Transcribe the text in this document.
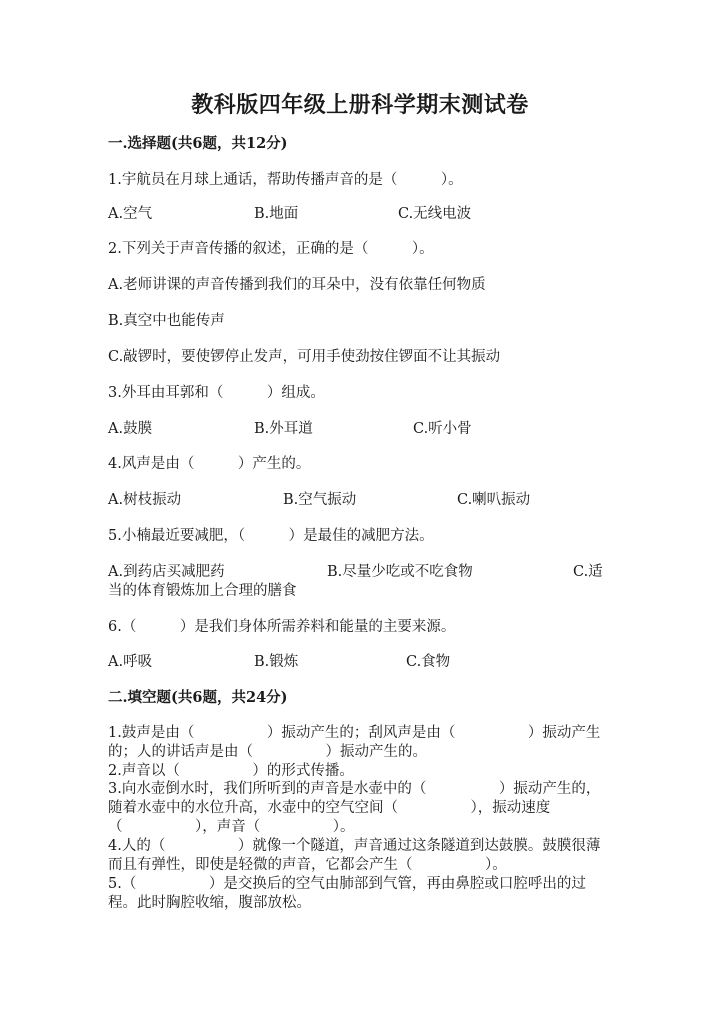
教科版四年级上册科学期末测试卷
一.选择题(共6题，共12分)
1.宇航员在月球上通话，帮助传播声音的是（　　　）。
A.空气	B.地面	C.无线电波
2.下列关于声音传播的叙述，正确的是（　　　）。
A.老师讲课的声音传播到我们的耳朵中，没有依靠任何物质
B.真空中也能传声
C.敲锣时，要使锣停止发声，可用手使劲按住锣面不让其振动
3.外耳由耳郭和（　　　）组成。
A.鼓膜	B.外耳道	C.听小骨
4.风声是由（　　　）产生的。
A.树枝振动	B.空气振动	C.喇叭振动
5.小楠最近要减肥，（　　　）是最佳的减肥方法。
A.到药店买减肥药	B.尽量少吃或不吃食物	C.适
当的体育锻炼加上合理的膳食
6.（　　　）是我们身体所需养料和能量的主要来源。
A.呼吸	B.锻炼	C.食物
二.填空题(共6题，共24分)
1.鼓声是由（　　　　　）振动产生的；刮风声是由（　　　　　）振动产生的；人的讲话声是由（　　　　　）振动产生的。
2.声音以（　　　　　）的形式传播。
3.向水壶倒水时，我们所听到的声音是水壶中的（　　　　　）振动产生的，随着水壶中的水位升高，水壶中的空气空间（　　　　　），振动速度（　　　　　），声音（　　　　　）。
4.人的（　　　　　）就像一个隧道，声音通过这条隧道到达鼓膜。鼓膜很薄而且有弹性，即使是轻微的声音，它都会产生（　　　　　）。
5.（　　　　　）是交换后的空气由肺部到气管，再由鼻腔或口腔呼出的过程。此时胸腔收缩，腹部放松。
